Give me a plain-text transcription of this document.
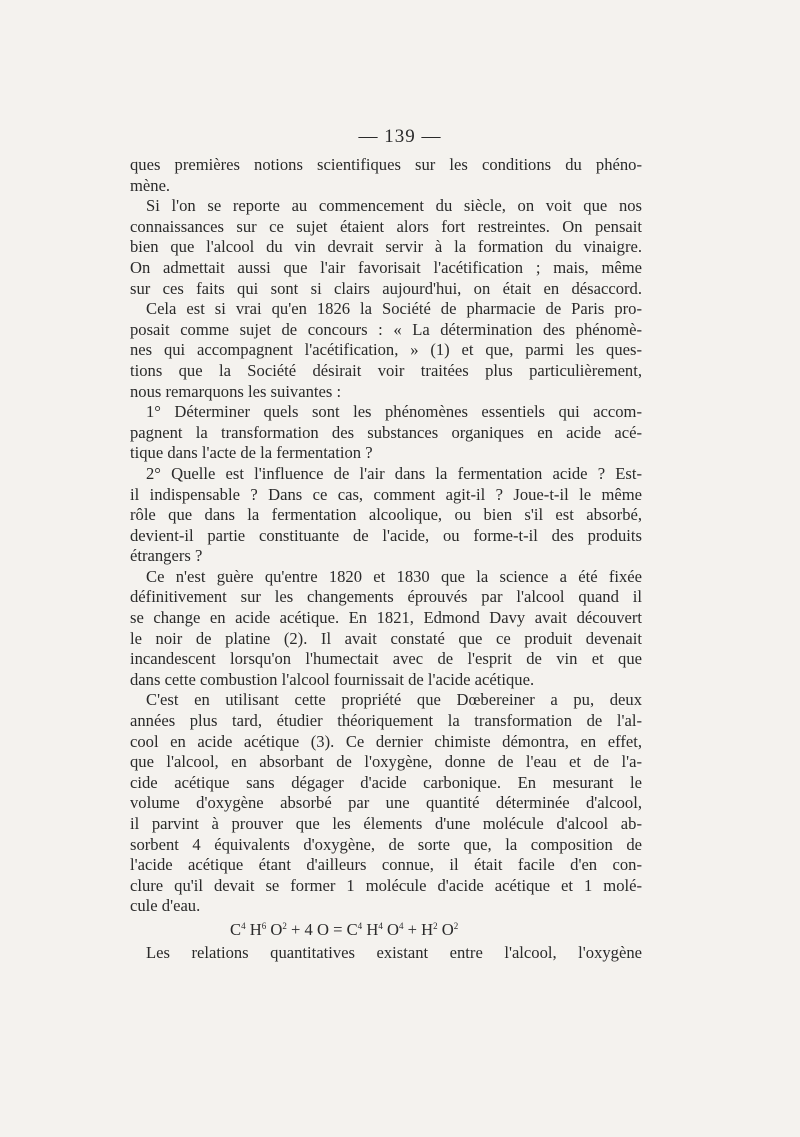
— 139 —
ques premières notions scientifiques sur les conditions du phéno-
mène.
Si l'on se reporte au commencement du siècle, on voit que nos
connaissances sur ce sujet étaient alors fort restreintes. On pensait
bien que l'alcool du vin devrait servir à la formation du vinaigre.
On admettait aussi que l'air favorisait l'acétification ; mais, même
sur ces faits qui sont si clairs aujourd'hui, on était en désaccord.
Cela est si vrai qu'en 1826 la Société de pharmacie de Paris pro-
posait comme sujet de concours : « La détermination des phénomè-
nes qui accompagnent l'acétification, » (1) et que, parmi les ques-
tions que la Société désirait voir traitées plus particulièrement,
nous remarquons les suivantes :
1° Déterminer quels sont les phénomènes essentiels qui accom-
pagnent la transformation des substances organiques en acide acé-
tique dans l'acte de la fermentation ?
2° Quelle est l'influence de l'air dans la fermentation acide ? Est-
il indispensable ? Dans ce cas, comment agit-il ? Joue-t-il le même
rôle que dans la fermentation alcoolique, ou bien s'il est absorbé,
devient-il partie constituante de l'acide, ou forme-t-il des produits
étrangers ?
Ce n'est guère qu'entre 1820 et 1830 que la science a été fixée
définitivement sur les changements éprouvés par l'alcool quand il
se change en acide acétique. En 1821, Edmond Davy avait découvert
le noir de platine (2). Il avait constaté que ce produit devenait
incandescent lorsqu'on l'humectait avec de l'esprit de vin et que
dans cette combustion l'alcool fournissait de l'acide acétique.
C'est en utilisant cette propriété que Dœbereiner a pu, deux
années plus tard, étudier théoriquement la transformation de l'al-
cool en acide acétique (3). Ce dernier chimiste démontra, en effet,
que l'alcool, en absorbant de l'oxygène, donne de l'eau et de l'a-
cide acétique sans dégager d'acide carbonique. En mesurant le
volume d'oxygène absorbé par une quantité déterminée d'alcool,
il parvint à prouver que les élements d'une molécule d'alcool ab-
sorbent 4 équivalents d'oxygène, de sorte que, la composition de
l'acide acétique étant d'ailleurs connue, il était facile d'en con-
clure qu'il devait se former 1 molécule d'acide acétique et 1 molé-
cule d'eau.
$C^4$ $H^6$ $O^2 + 4$ $O = C^4$ $H^4$ $O^4 + H^2$ $O^2$
Les relations quantitatives existant entre l'alcool, l'oxygène
